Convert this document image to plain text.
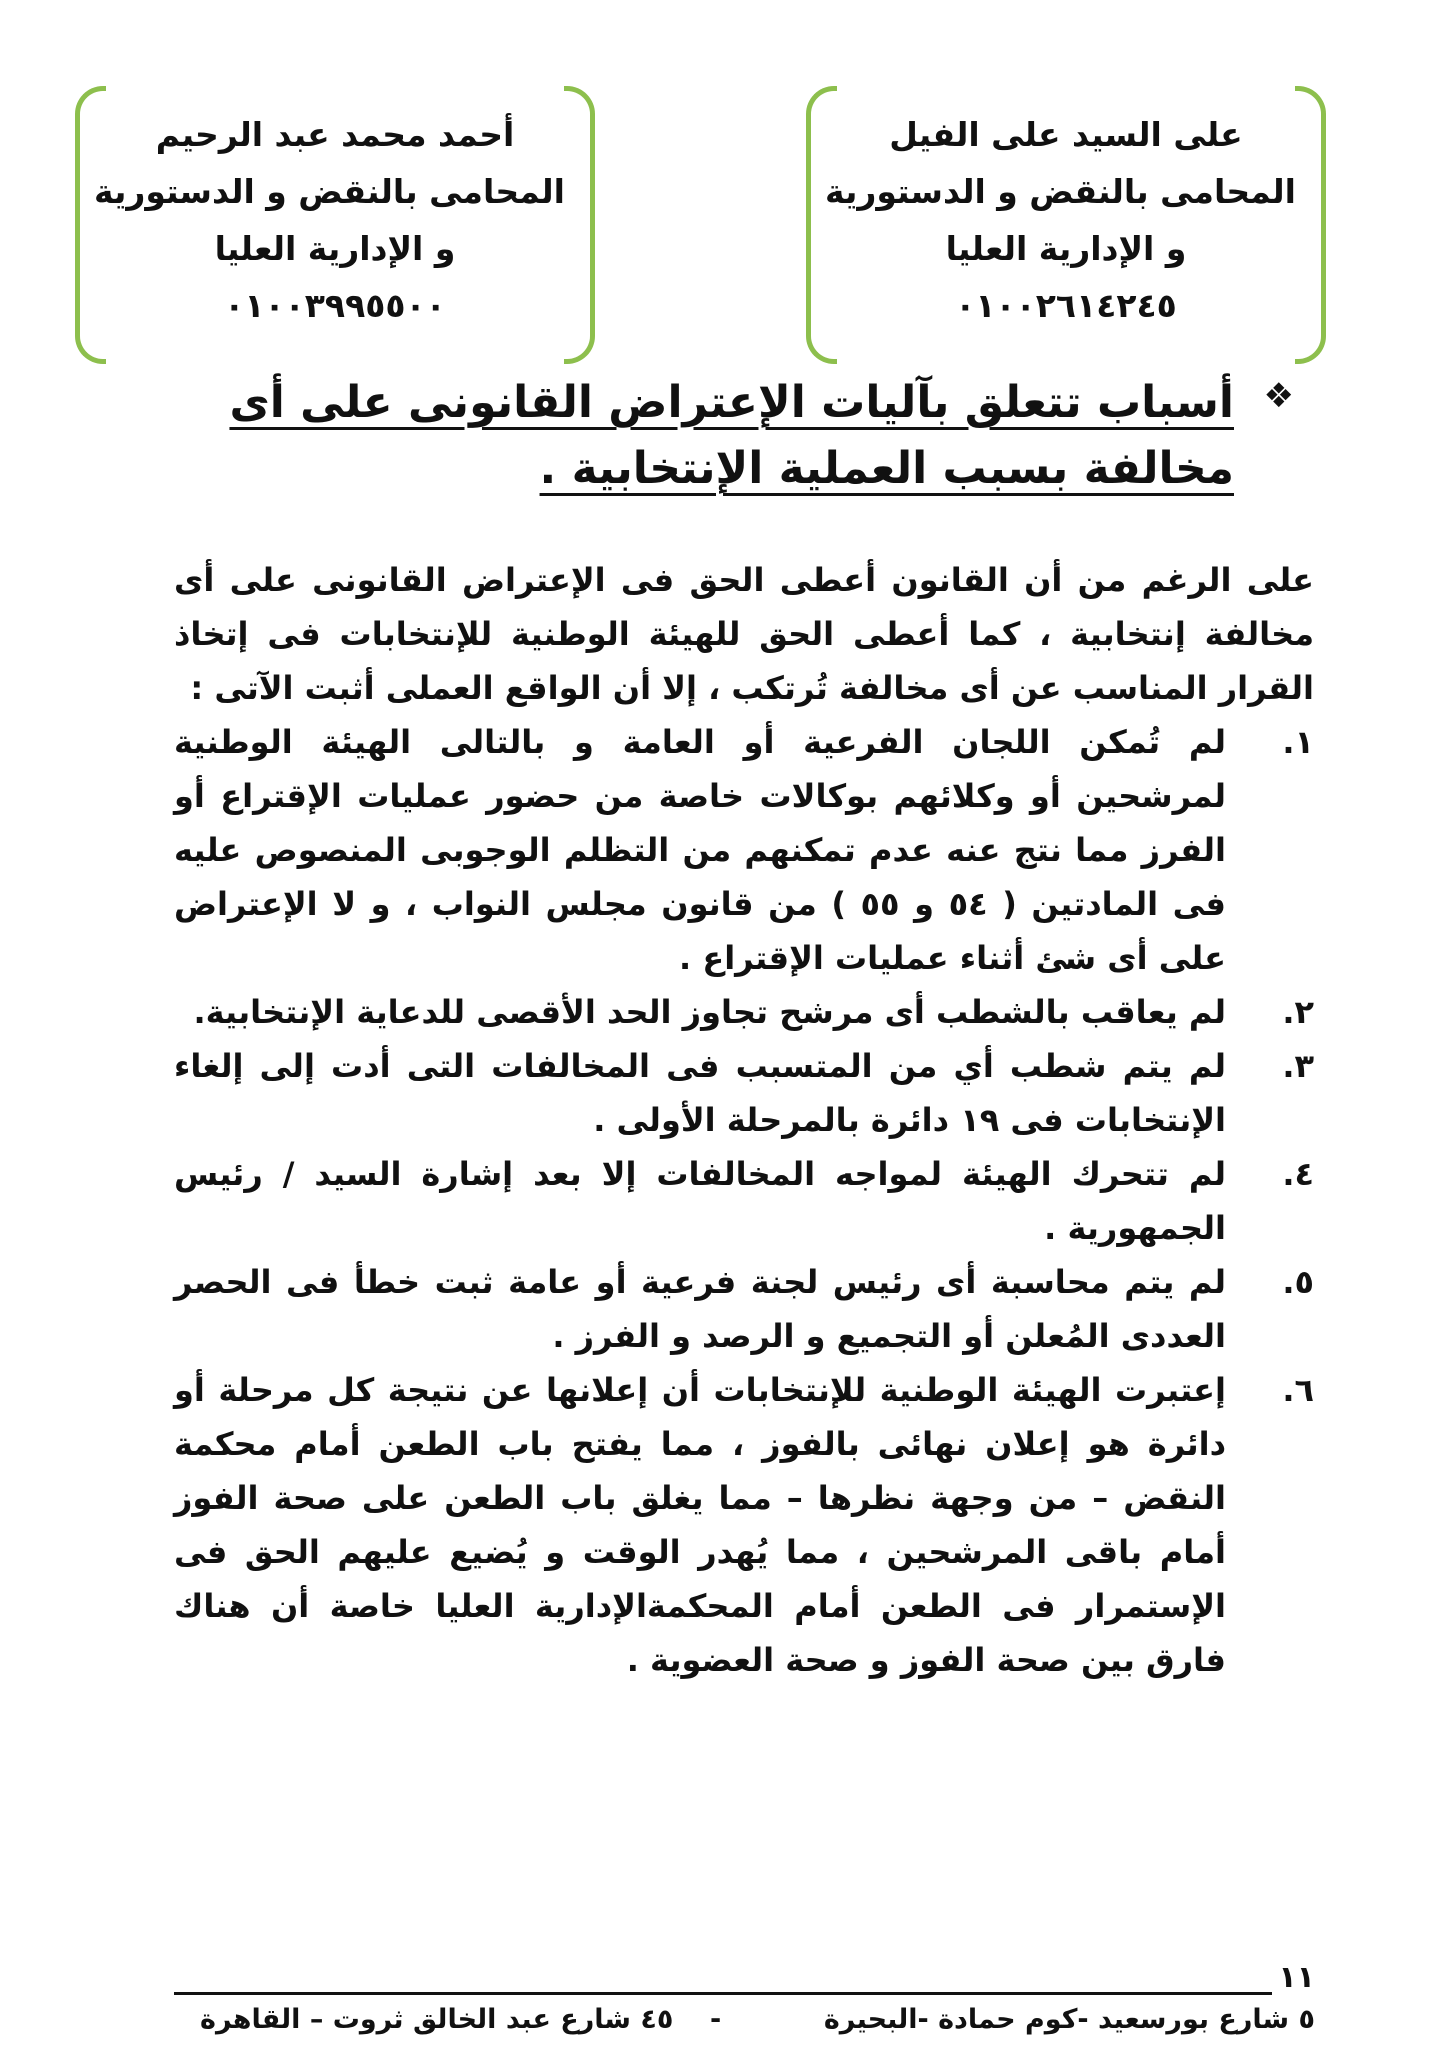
على السيد على الفيل
المحامى بالنقض و الدستورية
و الإدارية العليا
٠١٠٠٢٦١٤٢٤٥
أحمد محمد عبد الرحيم
المحامى بالنقض و الدستورية
و الإدارية العليا
٠١٠٠٣٩٩٥٥٠٠
❖
أسباب تتعلق بآليات الإعتراض القانونى على أى مخالفة بسبب العملية الإنتخابية .

على الرغم من أن القانون أعطى الحق فى الإعتراض القانونى على أى مخالفة إنتخابية ، كما أعطى الحق للهيئة الوطنية للإنتخابات فى إتخاذ القرار المناسب عن أى مخالفة تُرتكب ، إلا أن الواقع العملى أثبت الآتى :

١.
لم تُمكن اللجان الفرعية أو العامة و بالتالى الهيئة الوطنية لمرشحين أو وكلائهم بوكالات خاصة من حضور عمليات الإقتراع أو الفرز مما نتج عنه عدم تمكنهم من التظلم الوجوبى المنصوص عليه فى المادتين ( ٥٤ و ٥٥ ) من قانون مجلس النواب ، و لا الإعتراض على أى شئ أثناء عمليات الإقتراع .
٢.
لم يعاقب بالشطب أى مرشح تجاوز الحد الأقصى للدعاية الإنتخابية.
٣.
لم يتم شطب أي من المتسبب فى المخالفات التى أدت إلى إلغاء الإنتخابات فى ١٩ دائرة بالمرحلة الأولى .
٤.
لم تتحرك الهيئة لمواجه المخالفات إلا بعد إشارة السيد / رئيس الجمهورية .
٥.
لم يتم محاسبة أى رئيس لجنة فرعية أو عامة ثبت خطأ فى الحصر العددى المُعلن أو التجميع و الرصد و الفرز .
٦.
إعتبرت الهيئة الوطنية للإنتخابات أن إعلانها عن نتيجة كل مرحلة أو دائرة هو إعلان نهائى بالفوز ، مما يفتح باب الطعن أمام محكمة النقض – من وجهة نظرها – مما يغلق باب الطعن على صحة الفوز أمام باقى المرشحين ، مما يُهدر الوقت و يُضيع عليهم الحق فى الإستمرار فى الطعن أمام المحكمةالإدارية العليا خاصة أن هناك فارق بين صحة الفوز و صحة العضوية .
١١
٥ شارع بورسعيد -كوم حمادة -البحيرة
-
٤٥ شارع عبد الخالق ثروت – القاهرة
